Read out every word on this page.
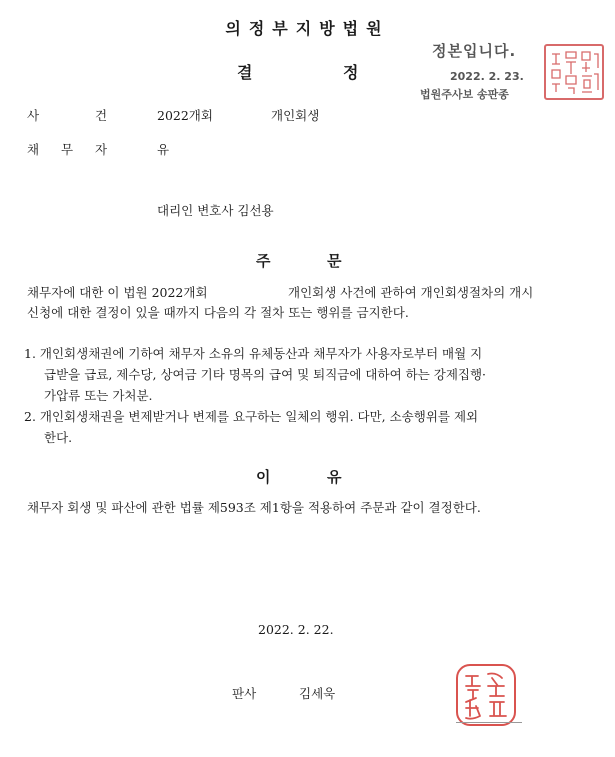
의정부지방법원
결	정
정본입니다.
2022. 2. 23.
법원주사보 송판종
사	건	2022개회	개인회생
채 무 자	유
대리인 변호사 김선용
주	문
채무자에 대한 이 법원 2022개회	개인회생 사건에 관하여 개인회생절차의 개시
신청에 대한 결정이 있을 때까지 다음의 각 절차 또는 행위를 금지한다.
1. 개인회생채권에 기하여 채무자 소유의 유체동산과 채무자가 사용자로부터 매월 지
급받을 급료, 제수당, 상여금 기타 명목의 급여 및 퇴직금에 대하여 하는 강제집행·
가압류 또는 가처분.
2. 개인회생채권을 변제받거나 변제를 요구하는 일체의 행위. 다만, 소송행위를 제외
한다.
이	유
채무자 회생 및 파산에 관한 법률 제593조 제1항을 적용하여 주문과 같이 결정한다.
2022. 2. 22.
판사	김세욱
